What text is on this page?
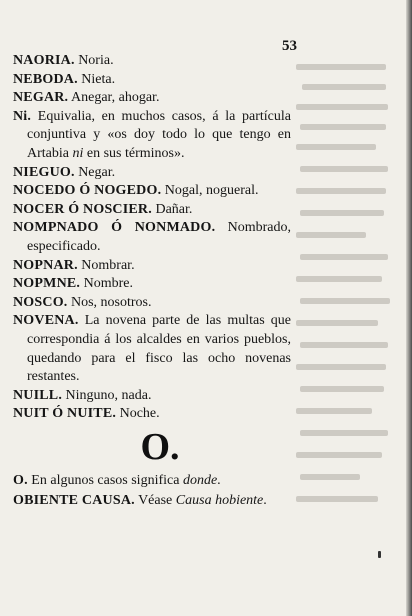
53

NAORIA. Noria.

NEBODA. Nieta.

NEGAR. Anegar, ahogar.

Ni. Equivalia, en muchos casos, á la partícula conjuntiva y «os doy todo lo que tengo en Artabia ni en sus términos».

NIEGUO. Negar.

NOCEDO Ó NOGEDO. Nogal, nogueral.

NOCER Ó NOSCIER. Dañar.

NOMPNADO Ó NONMADO. Nombrado, especificado.

NOPNAR. Nombrar.

NOPMNE. Nombre.

NOSCO. Nos, nosotros.

NOVENA. La novena parte de las multas que correspondia á los alcaldes en varios pueblos, quedando para el fisco las ocho novenas restantes.

NUILL. Ninguno, nada.

NUIT Ó NUITE. Noche.

O.

O. En algunos casos significa donde.

OBIENTE CAUSA. Véase Causa hobiente.
